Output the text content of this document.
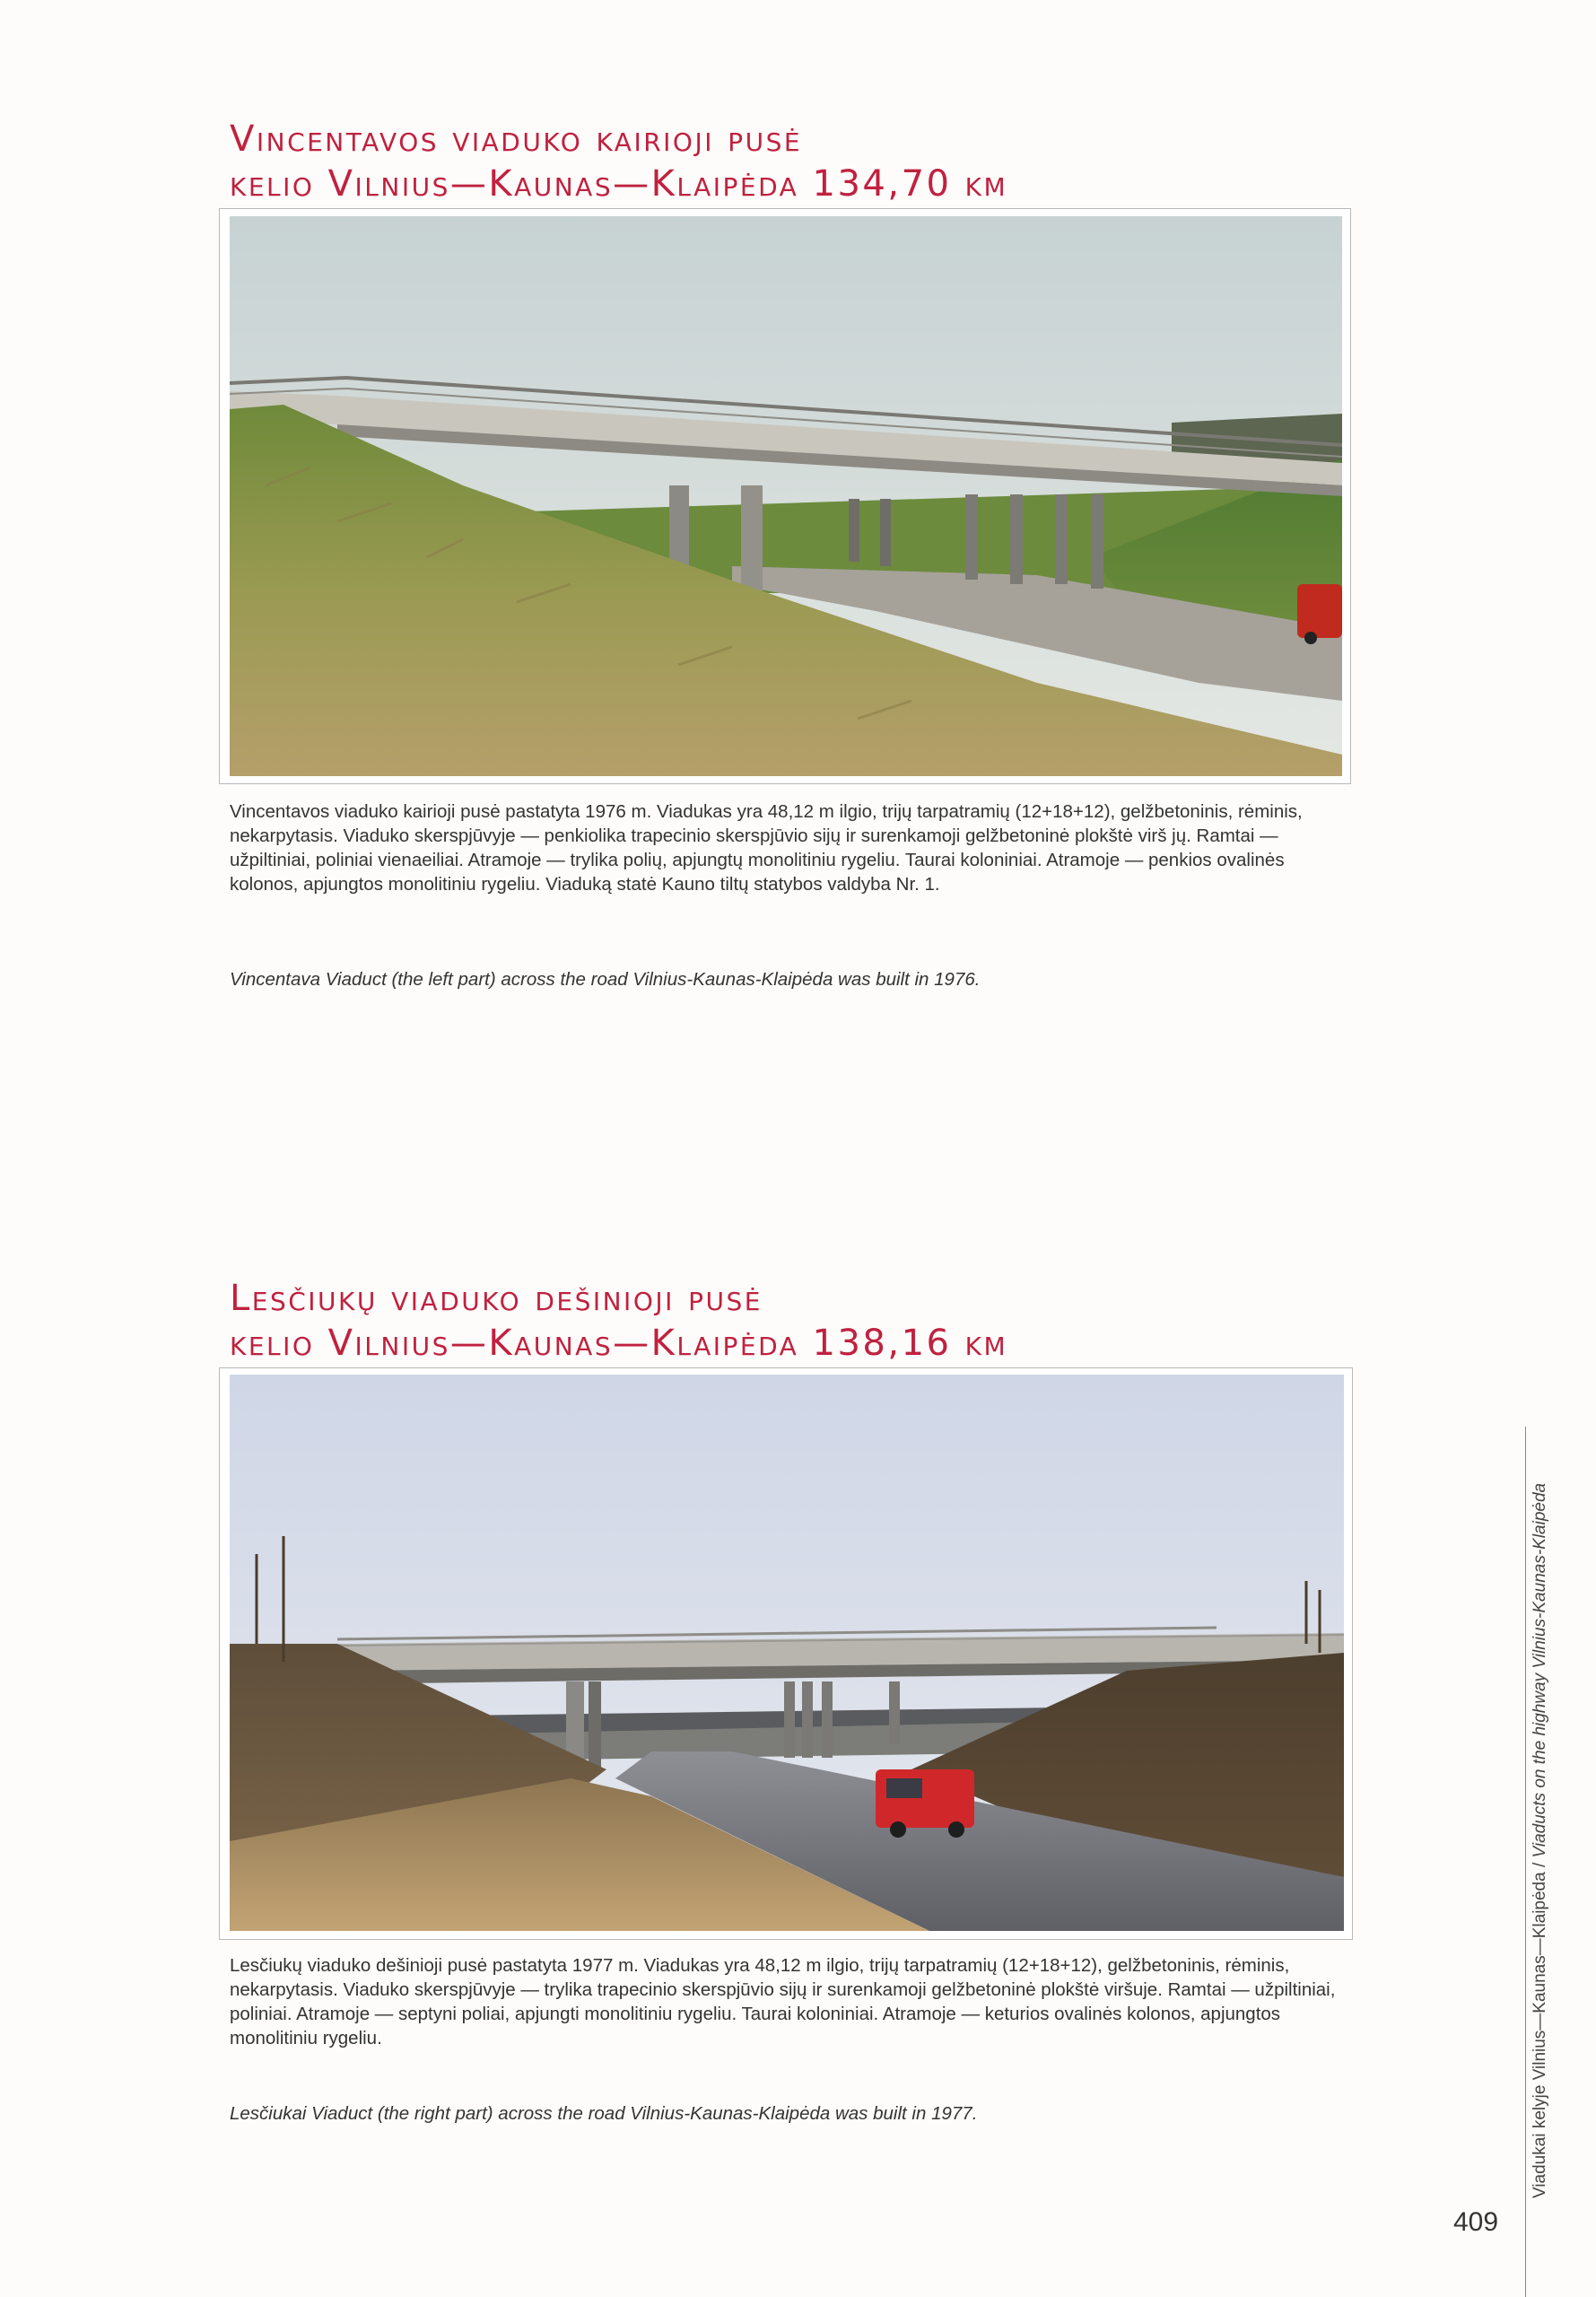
Vincentavos viaduko kairioji pusė
kelio Vilnius—Kaunas—Klaipėda 134,70 km
Vincentavos viaduko kairioji pusė pastatyta 1976 m. Viadukas yra 48,12 m ilgio, trijų tarpatramių (12+18+12), gelžbetoninis, rėminis, nekarpytasis. Viaduko skerspjūvyje — penkiolika trapecinio skerspjūvio sijų ir surenkamoji gelžbetoninė plokštė virš jų. Ramtai — užpiltiniai, poliniai vienaeiliai. Atramoje — trylika polių, apjungtų monolitiniu rygeliu. Taurai koloniniai. Atramoje — penkios ovalinės kolonos, apjungtos monolitiniu rygeliu. Viaduką statė Kauno tiltų statybos valdyba Nr. 1.
Vincentava Viaduct (the left part) across the road Vilnius-Kaunas-Klaipėda was built in 1976.
Lesčiukų viaduko dešinioji pusė
kelio Vilnius—Kaunas—Klaipėda 138,16 km
Lesčiukų viaduko dešinioji pusė pastatyta 1977 m. Viadukas yra 48,12 m ilgio, trijų tarpatramių (12+18+12), gelžbetoninis, rėminis, nekarpytasis. Viaduko skerspjūvyje — trylika trapecinio skerspjūvio sijų ir surenkamoji gelžbetoninė plokštė viršuje. Ramtai — užpiltiniai, poliniai. Atramoje — septyni poliai, apjungti monolitiniu rygeliu. Taurai koloniniai. Atramoje — keturios ovalinės kolonos, apjungtos monolitiniu rygeliu.
Lesčiukai Viaduct (the right part) across the road Vilnius-Kaunas-Klaipėda was built in 1977.	Viadukai kelyje Vilnius—Kaunas—Klaipėda / Viaducts on the highway Vilnius-Kaunas-Klaipėda
409
